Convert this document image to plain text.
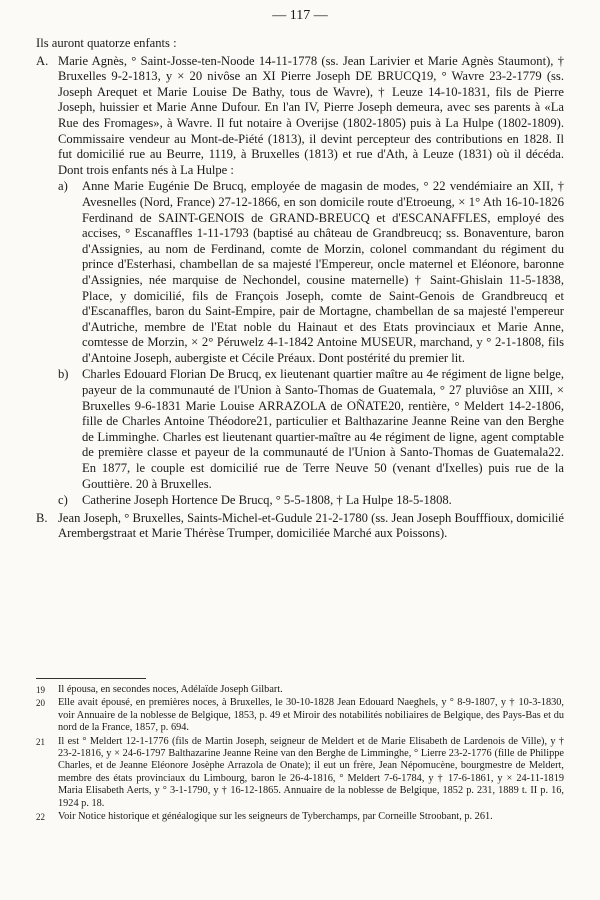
— 117 —

Ils auront quatorze enfants :

A. Marie Agnès, ° Saint-Josse-ten-Noode 14-11-1778 (ss. Jean Larivier et Marie Agnès Staumont), † Bruxelles 9-2-1813, y × 20 nivôse an XI Pierre Joseph DE BRUCQ19, ° Wavre 23-2-1779 (ss. Joseph Arequet et Marie Louise De Bathy, tous de Wavre), † Leuze 14-10-1831, fils de Pierre Joseph, huissier et Marie Anne Dufour. En l'an IV, Pierre Joseph demeura, avec ses parents à «La Rue des Fromages», à Wavre. Il fut notaire à Overijse (1802-1805) puis à La Hulpe (1802-1809). Commissaire vendeur au Mont-de-Piété (1813), il devint percepteur des contributions en 1828. Il fut domicilié rue au Beurre, 1119, à Bruxelles (1813) et rue d'Ath, à Leuze (1831) où il décéda. Dont trois enfants nés à La Hulpe :
a)	Anne Marie Eugénie De Brucq, employée de magasin de modes, ° 22 vendémiaire an XII, † Avesnelles (Nord, France) 27-12-1866, en son domicile route d'Etroeung, × 1° Ath 16-10-1826 Ferdinand de SAINT-GENOIS de GRAND-BREUCQ et d'ESCANAFFLES, employé des accises, ° Escanaffles 1-11-1793 (baptisé au château de Grandbreucq; ss. Bonaventure, baron d'Assignies, au nom de Ferdinand, comte de Morzin, colonel commandant du régiment du prince d'Esterhasi, chambellan de sa majesté l'Empereur, oncle maternel et Eléonore, baronne d'Assignies, née marquise de Nechondel, cousine maternelle) † Saint-Ghislain 11-5-1838, Place, y domicilié, fils de François Joseph, comte de Saint-Genois de Grandbreucq et d'Escanaffles, baron du Saint-Empire, pair de Mortagne, chambellan de sa majesté l'empereur d'Autriche, membre de l'Etat noble du Hainaut et des Etats provinciaux et Marie Anne, comtesse de Morzin, × 2° Péruwelz 4-1-1842 Antoine MUSEUR, marchand, y ° 2-1-1808, fils d'Antoine Joseph, aubergiste et Cécile Préaux. Dont postérité du premier lit.
b)	Charles Edouard Florian De Brucq, ex lieutenant quartier maître au 4e régiment de ligne belge, payeur de la communauté de l'Union à Santo-Thomas de Guatemala, ° 27 pluviôse an XIII, × Bruxelles 9-6-1831 Marie Louise ARRAZOLA de OÑATE20, rentière, ° Meldert 14-2-1806, fille de Charles Antoine Théodore21, particulier et Balthazarine Jeanne Reine van den Berghe de Limminghe. Charles est lieutenant quartier-maître au 4e régiment de ligne, agent comptable de première classe et payeur de la communauté de l'Union à Santo-Thomas de Guatemala22. En 1877, le couple est domicilié rue de Terre Neuve 50 (venant d'Ixelles) puis rue de la Gouttière. 20 à Bruxelles.
c)	Catherine Joseph Hortence De Brucq, ° 5-5-1808, † La Hulpe 18-5-1808.
B. Jean Joseph, ° Bruxelles, Saints-Michel-et-Gudule 21-2-1780 (ss. Jean Joseph Boufffioux, domicilié Arembergstraat et Marie Thérèse Trumper, domiciliée Marché aux Poissons).
19	Il épousa, en secondes noces, Adélaïde Joseph Gilbart.
20	Elle avait épousé, en premières noces, à Bruxelles, le 30-10-1828 Jean Edouard Naeghels, y ° 8-9-1807, y † 10-3-1830, voir Annuaire de la noblesse de Belgique, 1853, p. 49 et Miroir des notabilités nobiliaires de Belgique, des Pays-Bas et du nord de la France, 1857, p. 694.
21	Il est ° Meldert 12-1-1776 (fils de Martin Joseph, seigneur de Meldert et de Marie Elisabeth de Lardenois de Ville), y † 23-2-1816, y × 24-6-1797 Balthazarine Jeanne Reine van den Berghe de Limminghe, ° Lierre 23-2-1776 (fille de Philippe Charles, et de Jeanne Eléonore Josèphe Arrazola de Onate); il eut un frère, Jean Népomucène, bourgmestre de Meldert, membre des états provinciaux du Limbourg, baron le 26-4-1816, ° Meldert 7-6-1784, y † 17-6-1861, y × 24-11-1819 Maria Elisabeth Aerts, y ° 3-1-1790, y † 16-12-1865. Annuaire de la noblesse de Belgique, 1852 p. 231, 1889 t. II p. 16, 1924 p. 18.
22	Voir Notice historique et généalogique sur les seigneurs de Tyberchamps, par Corneille Stroobant, p. 261.
